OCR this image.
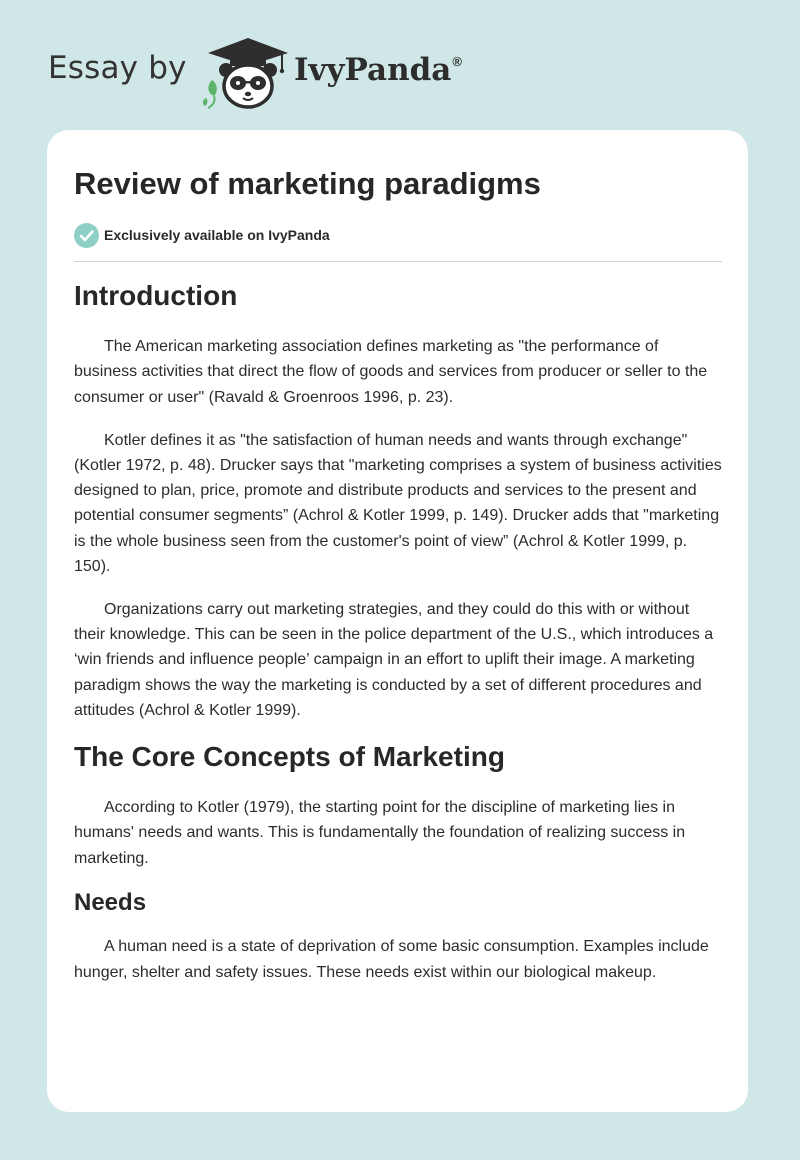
Essay by	IvyPanda®
Review of marketing paradigms
Exclusively available on IvyPanda
Introduction

The American marketing association defines marketing as "the performance of business activities that direct the flow of goods and services from producer or seller to the consumer or user" (Ravald & Groenroos 1996, p. 23).

Kotler defines it as "the satisfaction of human needs and wants through exchange" (Kotler 1972, p. 48). Drucker says that "marketing comprises a system of business activities designed to plan, price, promote and distribute products and services to the present and potential consumer segments” (Achrol & Kotler 1999, p. 149). Drucker adds that "marketing is the whole business seen from the customer's point of view” (Achrol & Kotler 1999, p. 150).

Organizations carry out marketing strategies, and they could do this with or without their knowledge. This can be seen in the police department of the U.S., which introduces a ‘win friends and influence people’ campaign in an effort to uplift their image. A marketing paradigm shows the way the marketing is conducted by a set of different procedures and attitudes (Achrol & Kotler 1999).

The Core Concepts of Marketing

According to Kotler (1979), the starting point for the discipline of marketing lies in humans' needs and wants. This is fundamentally the foundation of realizing success in marketing.

Needs

A human need is a state of deprivation of some basic consumption. Examples include hunger, shelter and safety issues. These needs exist within our biological makeup.
